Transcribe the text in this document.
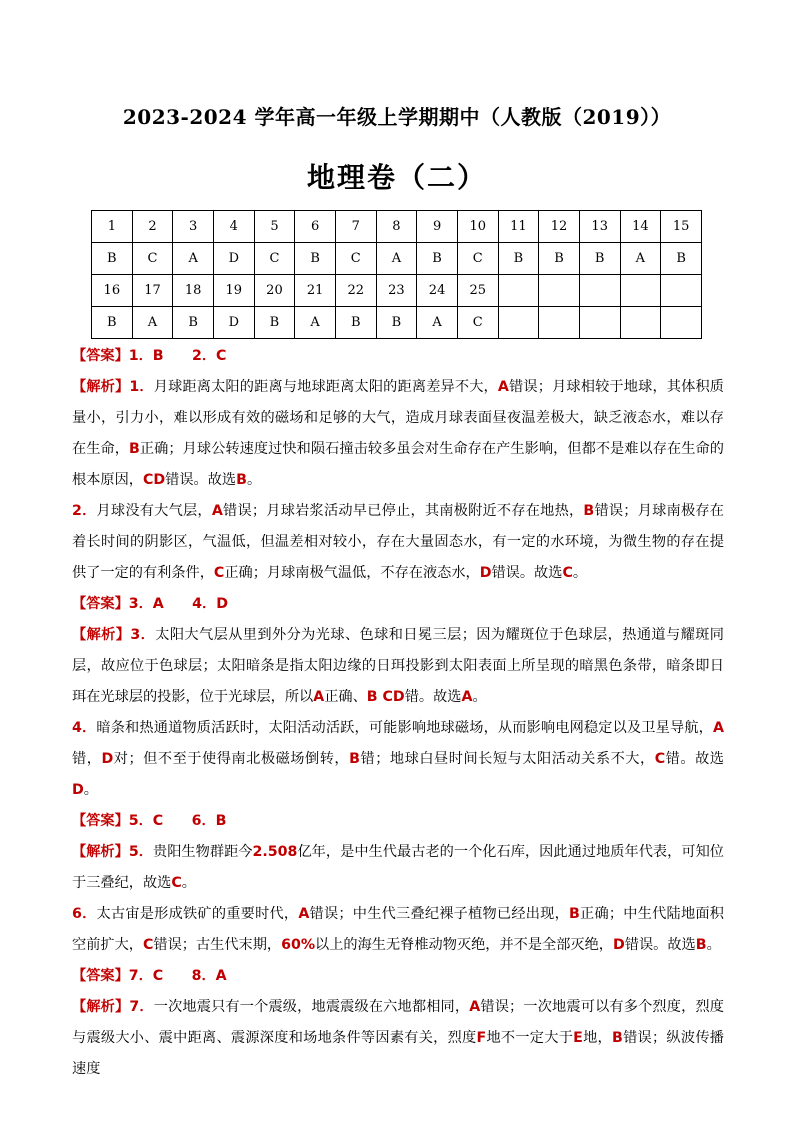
2023-2024 学年高一年级上学期期中（人教版（2019））
地理卷（二）
1	2	3	4	5	6	7	8	9	10	11	12	13	14	15
B	C	A	D	C	B	C	A	B	C	B	B	B	A	B
16	17	18	19	20	21	22	23	24	25					
B	A	B	D	B	A	B	B	A	C					

【答案】1．B　　2．C

【解析】1．月球距离太阳的距离与地球距离太阳的距离差异不大，A错误；月球相较于地球，其体积质量小，引力小，难以形成有效的磁场和足够的大气，造成月球表面昼夜温差极大，缺乏液态水，难以存在生命，B正确；月球公转速度过快和陨石撞击较多虽会对生命存在产生影响，但都不是难以存在生命的根本原因，CD错误。故选B。

2．月球没有大气层，A错误；月球岩浆活动早已停止，其南极附近不存在地热，B错误；月球南极存在着长时间的阴影区，气温低，但温差相对较小，存在大量固态水，有一定的水环境，为微生物的存在提供了一定的有利条件，C正确；月球南极气温低，不存在液态水，D错误。故选C。

【答案】3．A　　4．D

【解析】3．太阳大气层从里到外分为光球、色球和日冕三层；因为耀斑位于色球层，热通道与耀斑同层，故应位于色球层；太阳暗条是指太阳边缘的日珥投影到太阳表面上所呈现的暗黑色条带，暗条即日珥在光球层的投影，位于光球层，所以A正确、B CD错。故选A。

4．暗条和热通道物质活跃时，太阳活动活跃，可能影响地球磁场，从而影响电网稳定以及卫星导航，A错，D对；但不至于使得南北极磁场倒转，B错；地球白昼时间长短与太阳活动关系不大，C错。故选D。

【答案】5．C　　6．B

【解析】5．贵阳生物群距今2.508亿年，是中生代最古老的一个化石库，因此通过地质年代表，可知位于三叠纪，故选C。

6．太古宙是形成铁矿的重要时代，A错误；中生代三叠纪裸子植物已经出现，B正确；中生代陆地面积空前扩大，C错误；古生代末期，60%以上的海生无脊椎动物灭绝，并不是全部灭绝，D错误。故选B。

【答案】7．C　　8．A

【解析】7．一次地震只有一个震级，地震震级在六地都相同，A错误；一次地震可以有多个烈度，烈度与震级大小、震中距离、震源深度和场地条件等因素有关，烈度F地不一定大于E地，B错误；纵波传播速度
